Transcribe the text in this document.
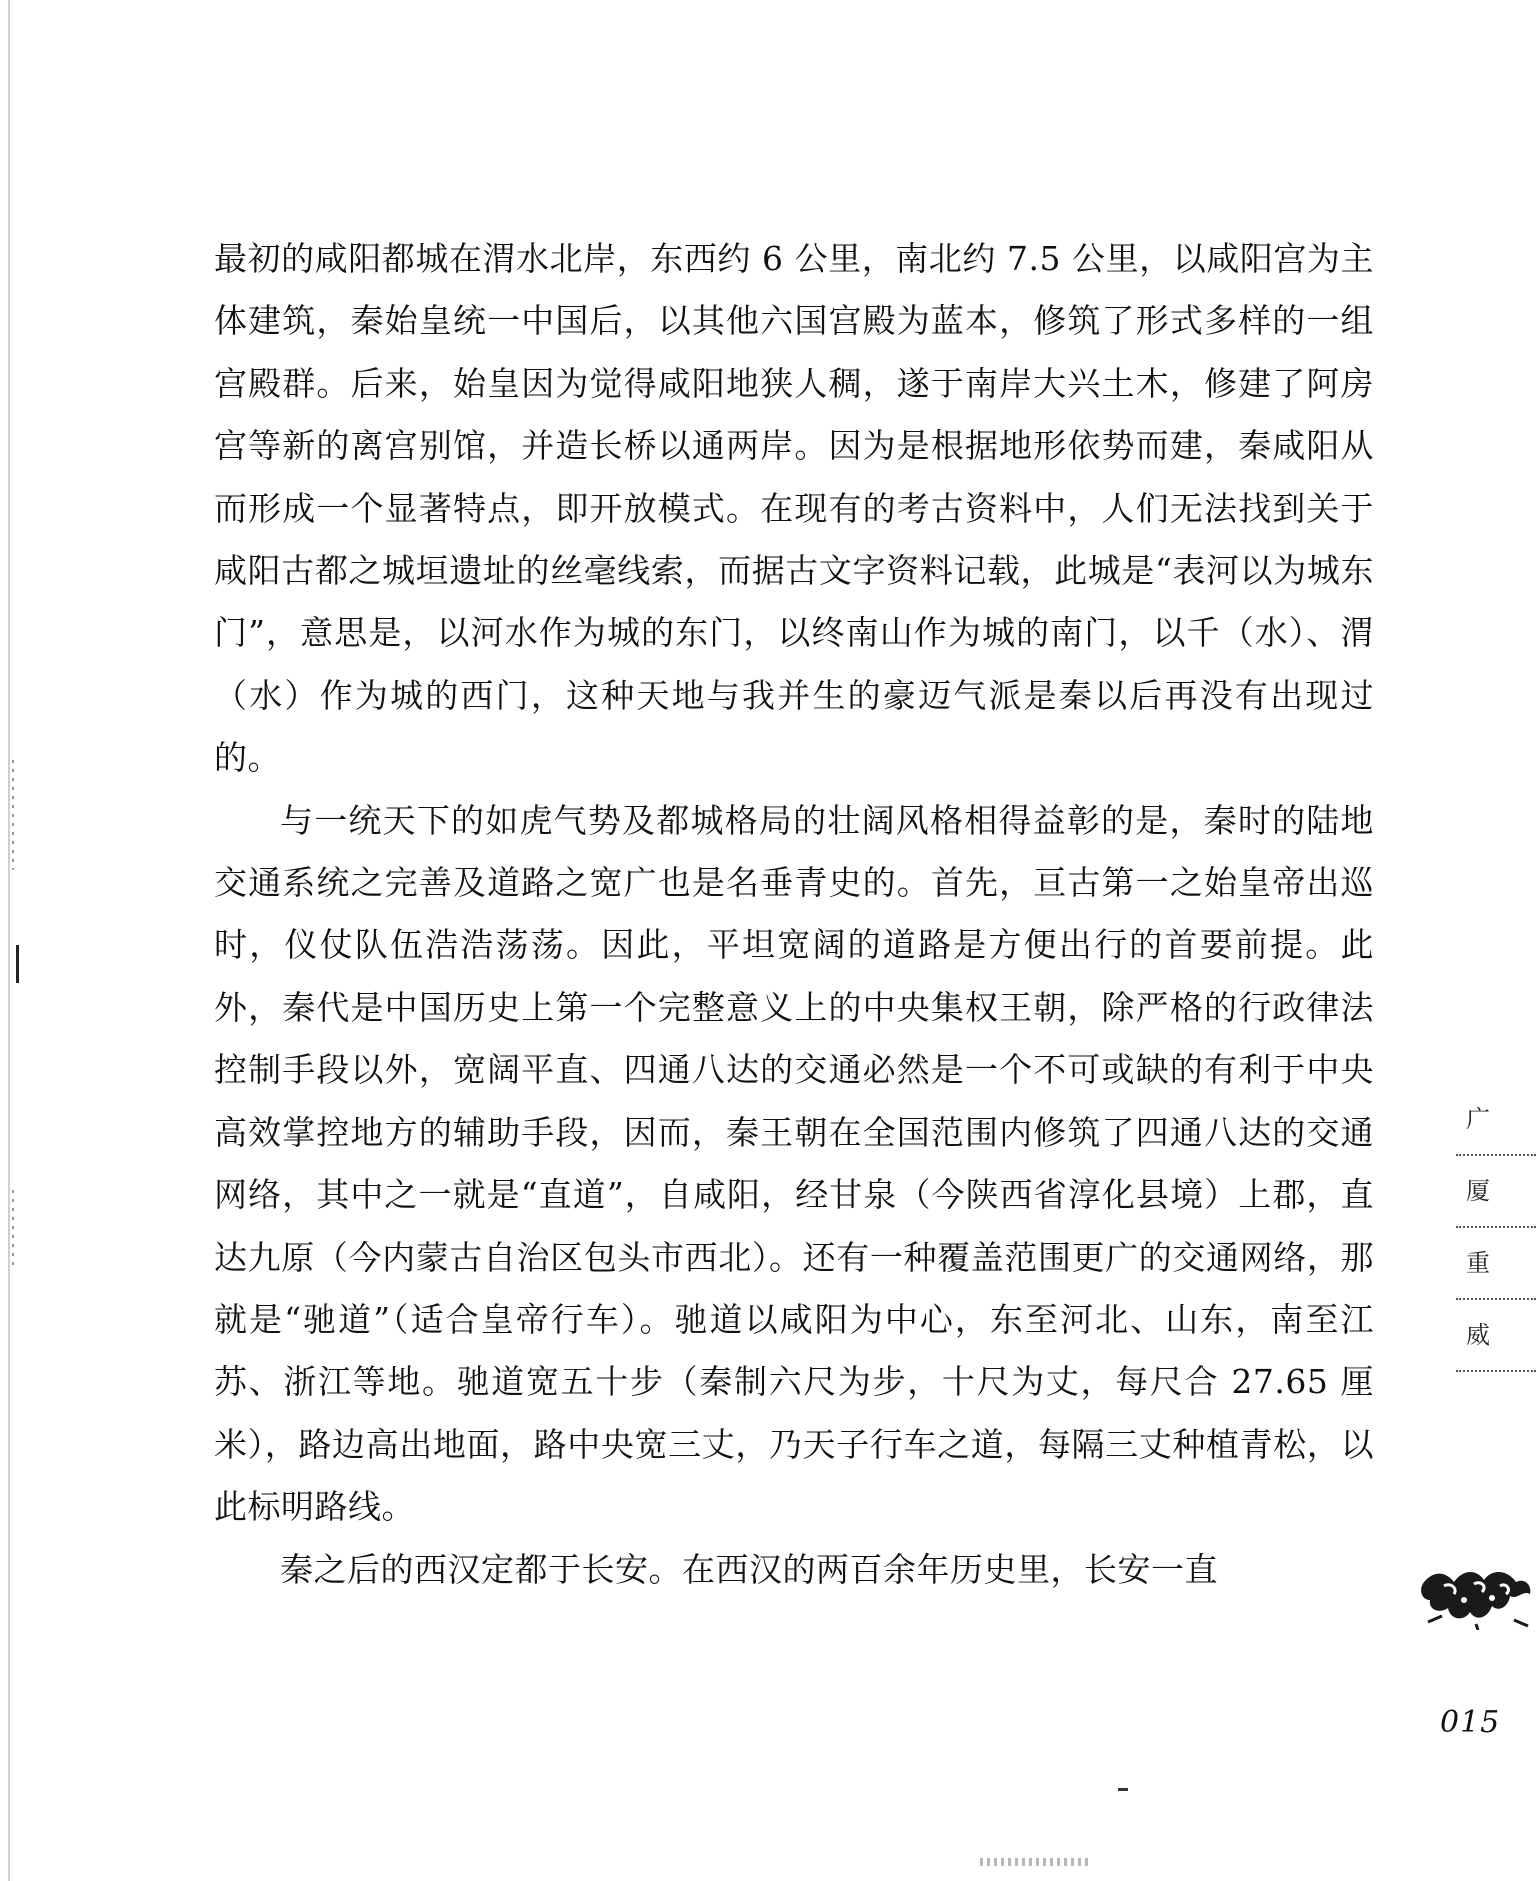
最初的咸阳都城在渭水北岸，东西约 6 公里，南北约 7.5 公里，以咸阳宫为主体建筑，秦始皇统一中国后，以其他六国宫殿为蓝本，修筑了形式多样的一组宫殿群。后来，始皇因为觉得咸阳地狭人稠，遂于南岸大兴土木，修建了阿房宫等新的离宫别馆，并造长桥以通两岸。因为是根据地形依势而建，秦咸阳从而形成一个显著特点，即开放模式。在现有的考古资料中，人们无法找到关于咸阳古都之城垣遗址的丝毫线索，而据古文字资料记载，此城是“表河以为城东门”，意思是，以河水作为城的东门，以终南山作为城的南门，以千（水）、渭（水）作为城的西门，这种天地与我并生的豪迈气派是秦以后再没有出现过的。

与一统天下的如虎气势及都城格局的壮阔风格相得益彰的是，秦时的陆地交通系统之完善及道路之宽广也是名垂青史的。首先，亘古第一之始皇帝出巡时，仪仗队伍浩浩荡荡。因此，平坦宽阔的道路是方便出行的首要前提。此外，秦代是中国历史上第一个完整意义上的中央集权王朝，除严格的行政律法控制手段以外，宽阔平直、四通八达的交通必然是一个不可或缺的有利于中央高效掌控地方的辅助手段，因而，秦王朝在全国范围内修筑了四通八达的交通网络，其中之一就是“直道”，自咸阳，经甘泉（今陕西省淳化县境）上郡，直达九原（今内蒙古自治区包头市西北）。还有一种覆盖范围更广的交通网络，那就是“驰道”（适合皇帝行车）。驰道以咸阳为中心，东至河北、山东，南至江苏、浙江等地。驰道宽五十步（秦制六尺为步，十尺为丈，每尺合 27.65 厘米），路边高出地面，路中央宽三丈，乃天子行车之道，每隔三丈种植青松，以此标明路线。

秦之后的西汉定都于长安。在西汉的两百余年历史里，长安一直

广
厦
重
威
015
